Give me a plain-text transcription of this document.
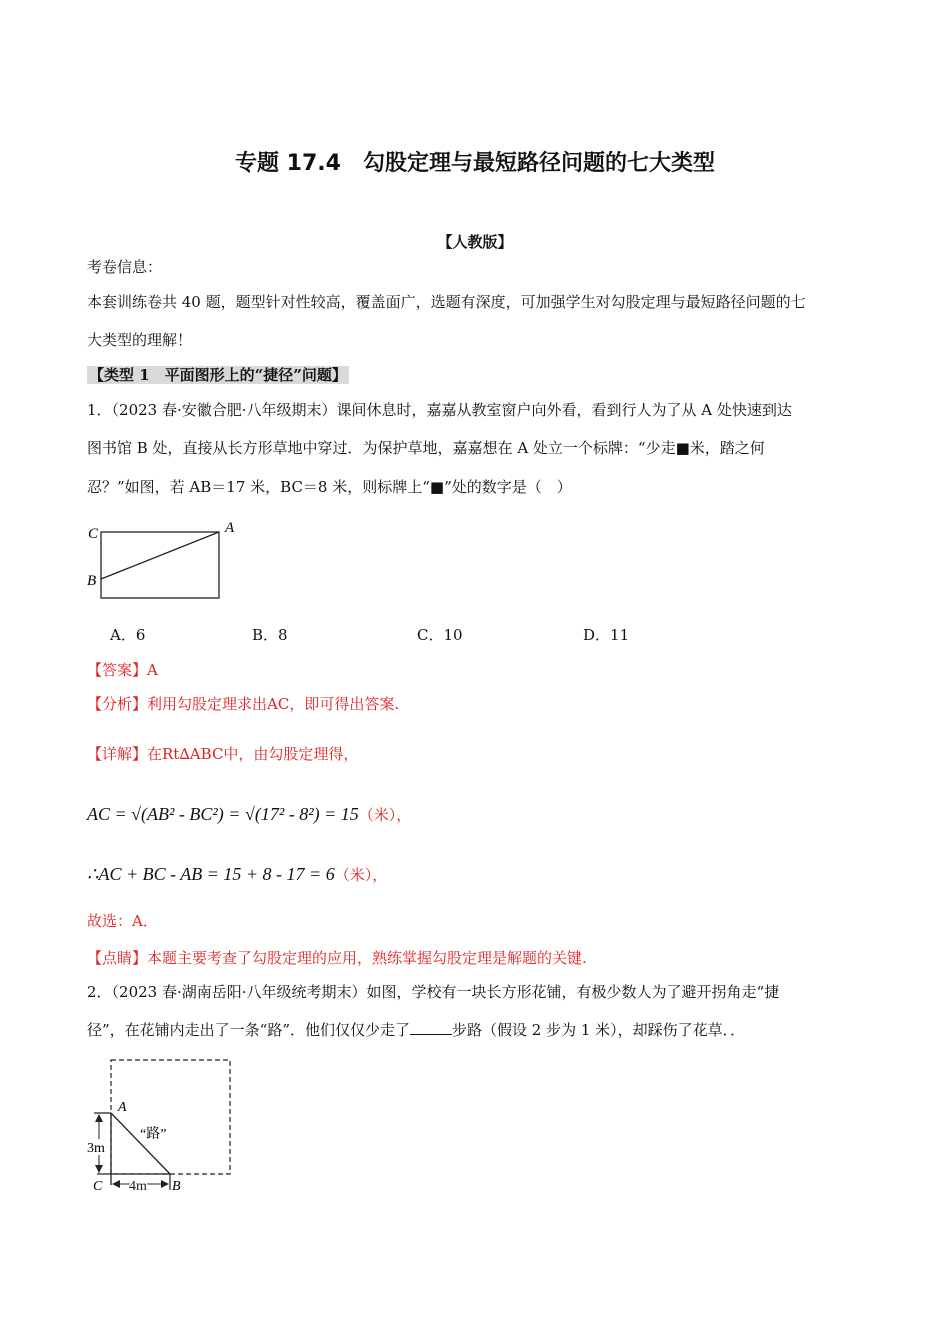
专题 17.4　勾股定理与最短路径问题的七大类型
【人教版】
考卷信息：
本套训练卷共 40 题，题型针对性较高，覆盖面广，选题有深度，可加强学生对勾股定理与最短路径问题的七
大类型的理解！
【类型 1　平面图形上的“捷径”问题】
1．（2023 春·安徽合肥·八年级期末）课间休息时，嘉嘉从教室窗户向外看，看到行人为了从 A 处快速到达
图书馆 B 处，直接从长方形草地中穿过．为保护草地，嘉嘉想在 A 处立一个标牌：“少走■米，踏之何
忍？”如图，若 AB＝17 米，BC＝8 米，则标牌上“■”处的数字是（　）
C	A
B
A．6	B．8	C．10	D．11
【答案】A
【分析】利用勾股定理求出AC，即可得出答案.
【详解】在Rt∆ABC中，由勾股定理得，
AC = √(AB² - BC²) = √(17² - 8²) = 15（米），
∴AC + BC - AB = 15 + 8 - 17 = 6（米），
故选：A．
【点睛】本题主要考查了勾股定理的应用，熟练掌握勾股定理是解题的关键.
2．（2023 春·湖南岳阳·八年级统考期末）如图，学校有一块长方形花铺，有极少数人为了避开拐角走“捷
径”，在花铺内走出了一条“路”．他们仅仅少走了	步路（假设 2 步为 1 米），却踩伤了花草．．
A
“路”
3m
C 4m B
